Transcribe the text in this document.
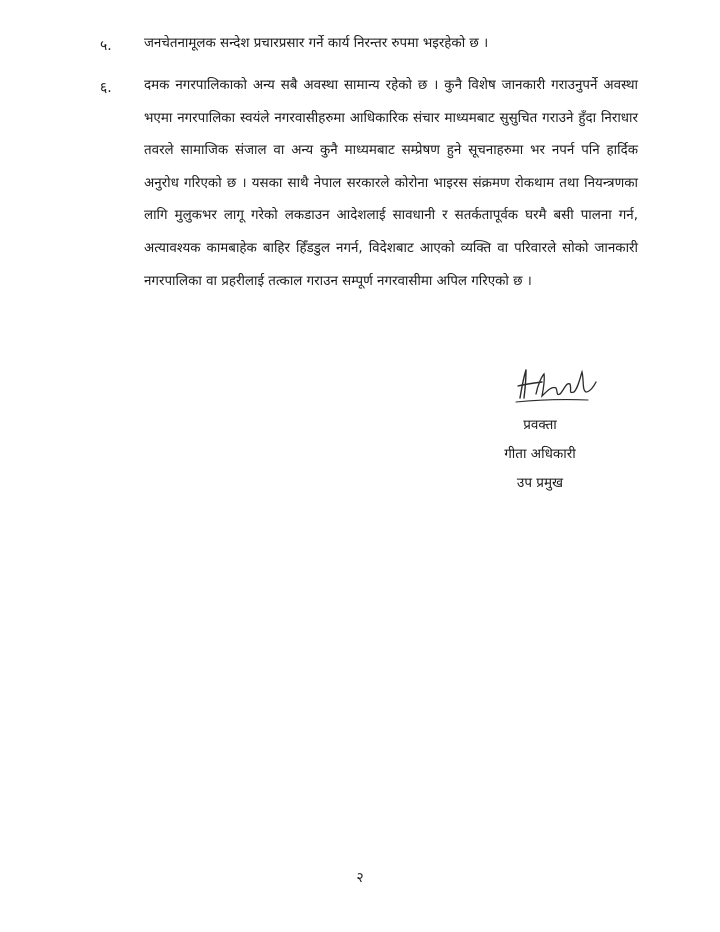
५. जनचेतनामूलक सन्देश प्रचारप्रसार गर्ने कार्य निरन्तर रुपमा भइरहेको छ ।

६. दमक नगरपालिकाको अन्य सबै अवस्था सामान्य रहेको छ । कुनै विशेष जानकारी गराउनुपर्ने अवस्था भएमा नगरपालिका स्वयंले नगरवासीहरुमा आधिकारिक संचार माध्यमबाट सुसुचित गराउने हुँदा निराधार तवरले सामाजिक संजाल वा अन्य कुनै माध्यमबाट सम्प्रेषण हुने सूचनाहरुमा भर नपर्न पनि हार्दिक अनुरोध गरिएको छ । यसका साथै नेपाल सरकारले कोरोना भाइरस संक्रमण रोकथाम तथा नियन्त्रणका लागि मुलुकभर लागू गरेको लकडाउन आदेशलाई सावधानी र सतर्कतापूर्वक घरमै बसी पालना गर्न, अत्यावश्यक कामबाहेक बाहिर हिँडडुल नगर्न, विदेशबाट आएको व्यक्ति वा परिवारले सोको जानकारी नगरपालिका वा प्रहरीलाई तत्काल गराउन सम्पूर्ण नगरवासीमा अपिल गरिएको छ ।

प्रवक्ता
गीता अधिकारी
उप प्रमुख
२
